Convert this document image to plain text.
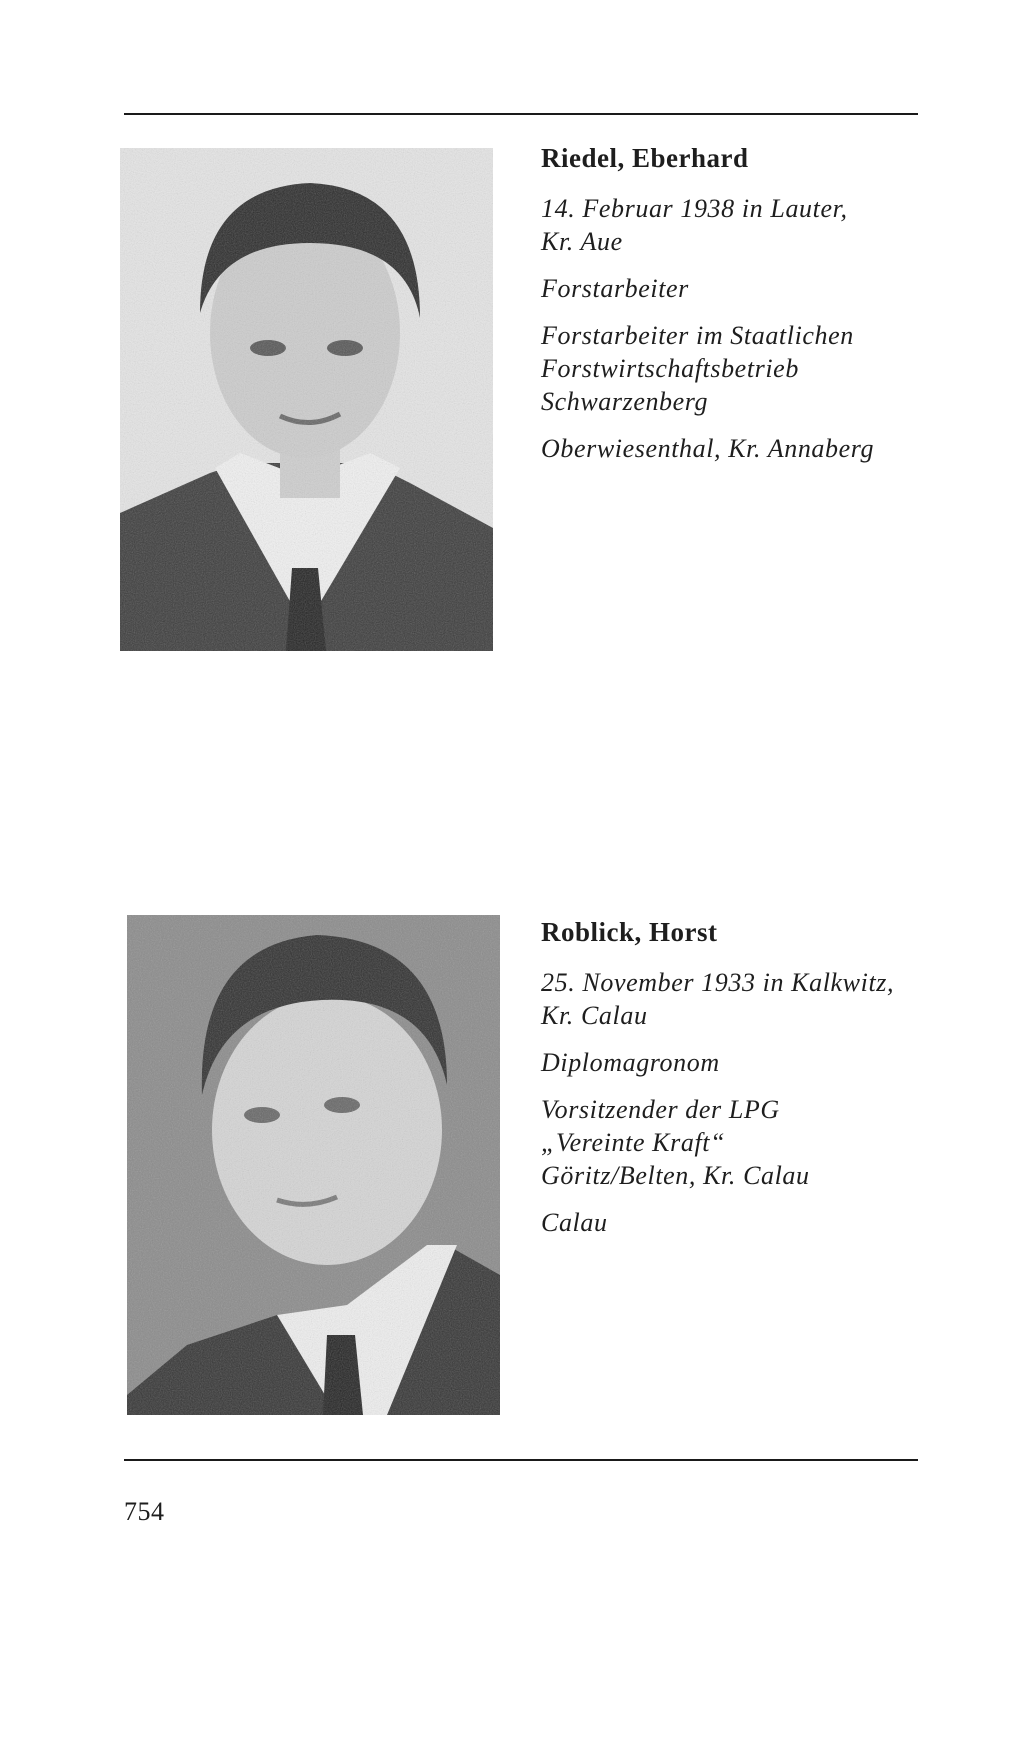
Riedel, Eberhard
14. Februar 1938 in Lauter,
Kr. Aue
Forstarbeiter
Forstarbeiter im Staatlichen
Forstwirtschaftsbetrieb
Schwarzenberg
Oberwiesenthal, Kr. Annaberg
Roblick, Horst
25. November 1933 in Kalkwitz,
Kr. Calau
Diplomagronom
Vorsitzender der LPG
„Vereinte Kraft“
Göritz/Belten, Kr. Calau
Calau
754
